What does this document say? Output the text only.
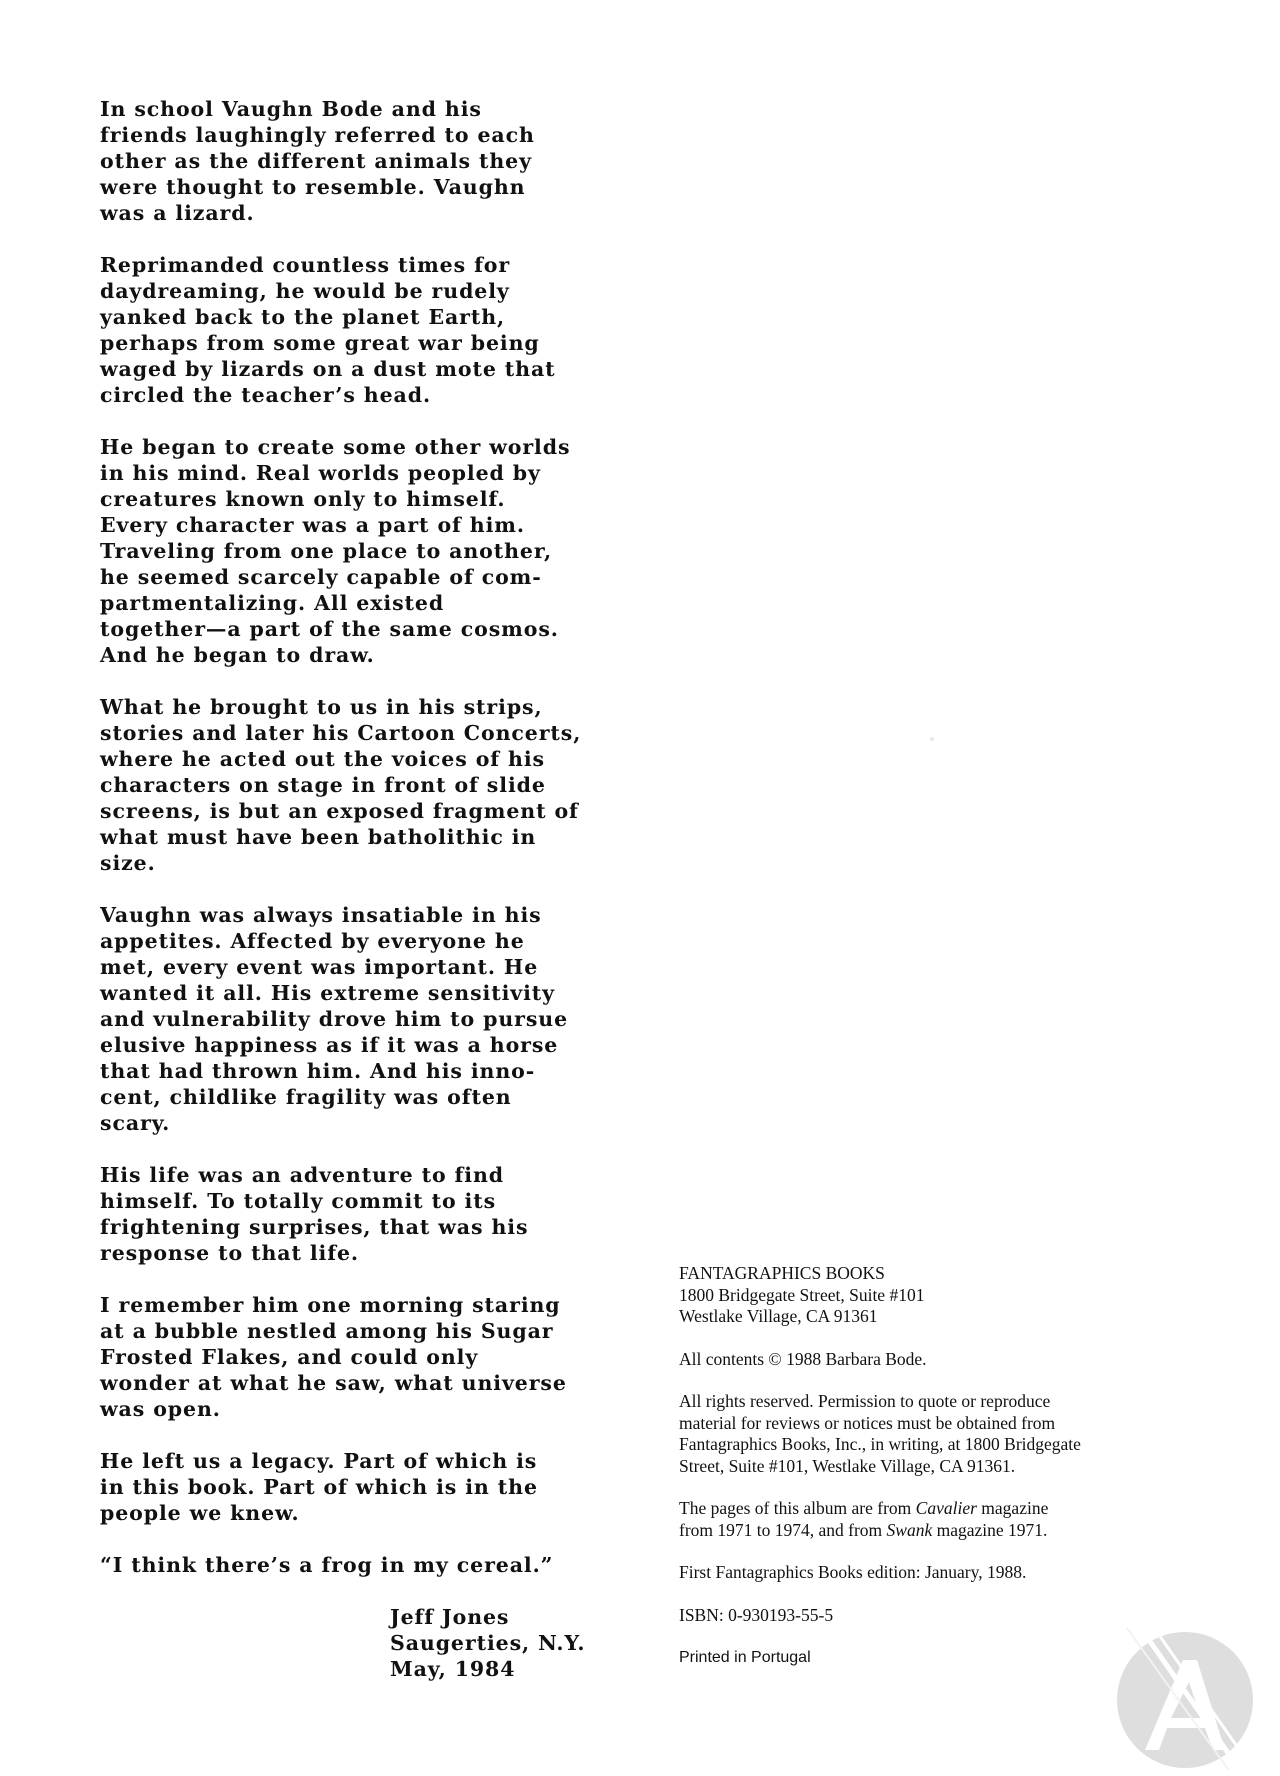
In school Vaughn Bode and his
friends laughingly referred to each
other as the different animals they
were thought to resemble. Vaughn
was a lizard.

Reprimanded countless times for
daydreaming, he would be rudely
yanked back to the planet Earth,
perhaps from some great war being
waged by lizards on a dust mote that
circled the teacher’s head.

He began to create some other worlds
in his mind. Real worlds peopled by
creatures known only to himself.
Every character was a part of him.
Traveling from one place to another,
he seemed scarcely capable of com-
partmentalizing. All existed
together—a part of the same cosmos.
And he began to draw.

What he brought to us in his strips,
stories and later his Cartoon Concerts,
where he acted out the voices of his
characters on stage in front of slide
screens, is but an exposed fragment of
what must have been batholithic in
size.

Vaughn was always insatiable in his
appetites. Affected by everyone he
met, every event was important. He
wanted it all. His extreme sensitivity
and vulnerability drove him to pursue
elusive happiness as if it was a horse
that had thrown him. And his inno-
cent, childlike fragility was often
scary.

His life was an adventure to find
himself. To totally commit to its
frightening surprises, that was his
response to that life.

I remember him one morning staring
at a bubble nestled among his Sugar
Frosted Flakes, and could only
wonder at what he saw, what universe
was open.

He left us a legacy. Part of which is
in this book. Part of which is in the
people we knew.

“I think there’s a frog in my cereal.”

Jeff Jones
Saugerties, N.Y.
May, 1984
FANTAGRAPHICS BOOKS
1800 Bridgegate Street, Suite #101
Westlake Village, CA 91361
All contents © 1988 Barbara Bode.
All rights reserved. Permission to quote or reproduce
material for reviews or notices must be obtained from
Fantagraphics Books, Inc., in writing, at 1800 Bridgegate
Street, Suite #101, Westlake Village, CA 91361.
The pages of this album are from Cavalier magazine
from 1971 to 1974, and from Swank magazine 1971.
First Fantagraphics Books edition: January, 1988.
ISBN: 0-930193-55-5
Printed in Portugal
